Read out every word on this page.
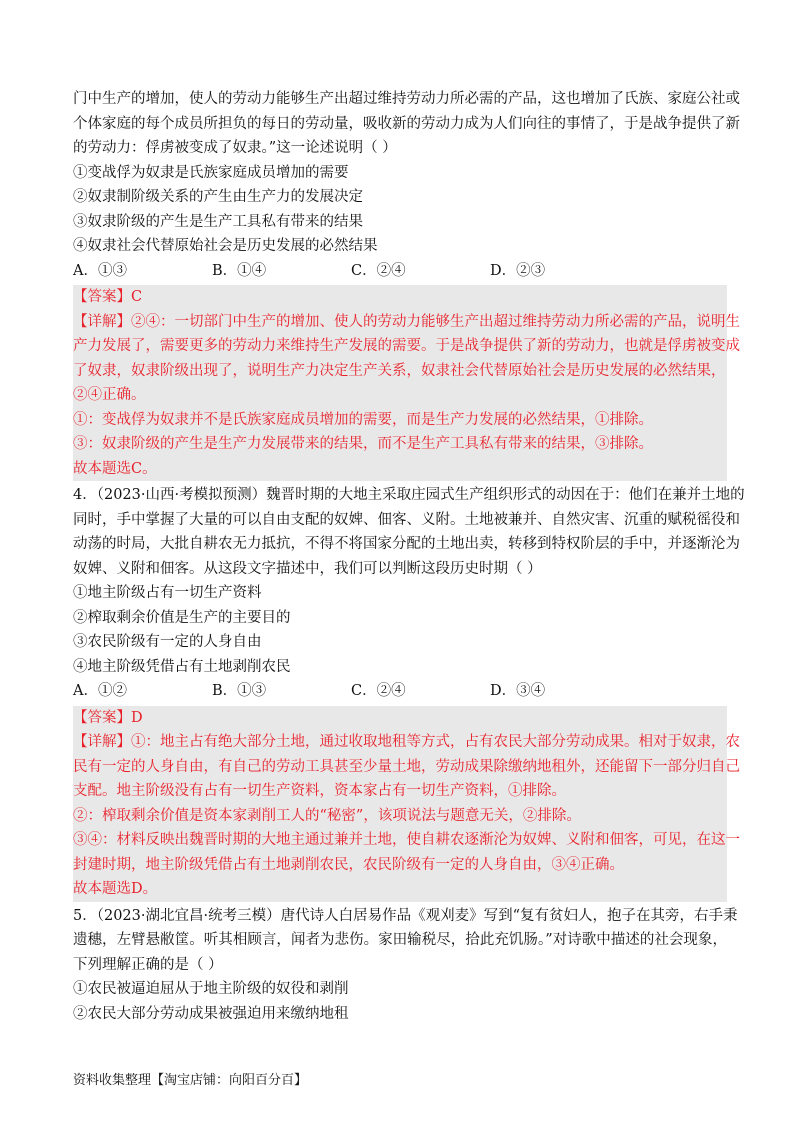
门中生产的增加，使人的劳动力能够生产出超过维持劳动力所必需的产品，这也增加了氏族、家庭公社或
个体家庭的每个成员所担负的每日的劳动量，吸收新的劳动力成为人们向往的事情了，于是战争提供了新
的劳动力：俘虏被变成了奴隶。”这一论述说明（ ）
①变战俘为奴隶是氏族家庭成员增加的需要
②奴隶制阶级关系的产生由生产力的发展决定
③奴隶阶级的产生是生产工具私有带来的结果
④奴隶社会代替原始社会是历史发展的必然结果
A．①③	B．①④	C．②④	D．②③
【答案】C
【详解】②④：一切部门中生产的增加、使人的劳动力能够生产出超过维持劳动力所必需的产品，说明生
产力发展了，需要更多的劳动力来维持生产发展的需要。于是战争提供了新的劳动力，也就是俘虏被变成
了奴隶，奴隶阶级出现了，说明生产力决定生产关系，奴隶社会代替原始社会是历史发展的必然结果，
②④正确。
①：变战俘为奴隶并不是氏族家庭成员增加的需要，而是生产力发展的必然结果，①排除。
③：奴隶阶级的产生是生产力发展带来的结果，而不是生产工具私有带来的结果，③排除。
故本题选C。
4．（2023·山西·考模拟预测）魏晋时期的大地主采取庄园式生产组织形式的动因在于：他们在兼并土地的
同时，手中掌握了大量的可以自由支配的奴婢、佃客、义附。土地被兼并、自然灾害、沉重的赋税徭役和
动荡的时局，大批自耕农无力抵抗，不得不将国家分配的土地出卖，转移到特权阶层的手中，并逐渐沦为
奴婢、义附和佃客。从这段文字描述中，我们可以判断这段历史时期（ ）
①地主阶级占有一切生产资料
②榨取剩余价值是生产的主要目的
③农民阶级有一定的人身自由
④地主阶级凭借占有土地剥削农民
A．①②	B．①③	C．②④	D．③④
【答案】D
【详解】①：地主占有绝大部分土地，通过收取地租等方式，占有农民大部分劳动成果。相对于奴隶，农
民有一定的人身自由，有自己的劳动工具甚至少量土地，劳动成果除缴纳地租外，还能留下一部分归自己
支配。地主阶级没有占有一切生产资料，资本家占有一切生产资料，①排除。
②：榨取剩余价值是资本家剥削工人的“秘密”，该项说法与题意无关，②排除。
③④：材料反映出魏晋时期的大地主通过兼并土地，使自耕农逐渐沦为奴婢、义附和佃客，可见，在这一
封建时期，地主阶级凭借占有土地剥削农民，农民阶级有一定的人身自由，③④正确。
故本题选D。
5．（2023·湖北宜昌·统考三模）唐代诗人白居易作品《观刈麦》写到“复有贫妇人，抱子在其旁，右手秉
遗穗，左臂悬敝筐。听其相顾言，闻者为悲伤。家田输税尽，拾此充饥肠。”对诗歌中描述的社会现象，
下列理解正确的是（ ）
①农民被逼迫屈从于地主阶级的奴役和剥削
②农民大部分劳动成果被强迫用来缴纳地租
资料收集整理【淘宝店铺：向阳百分百】
